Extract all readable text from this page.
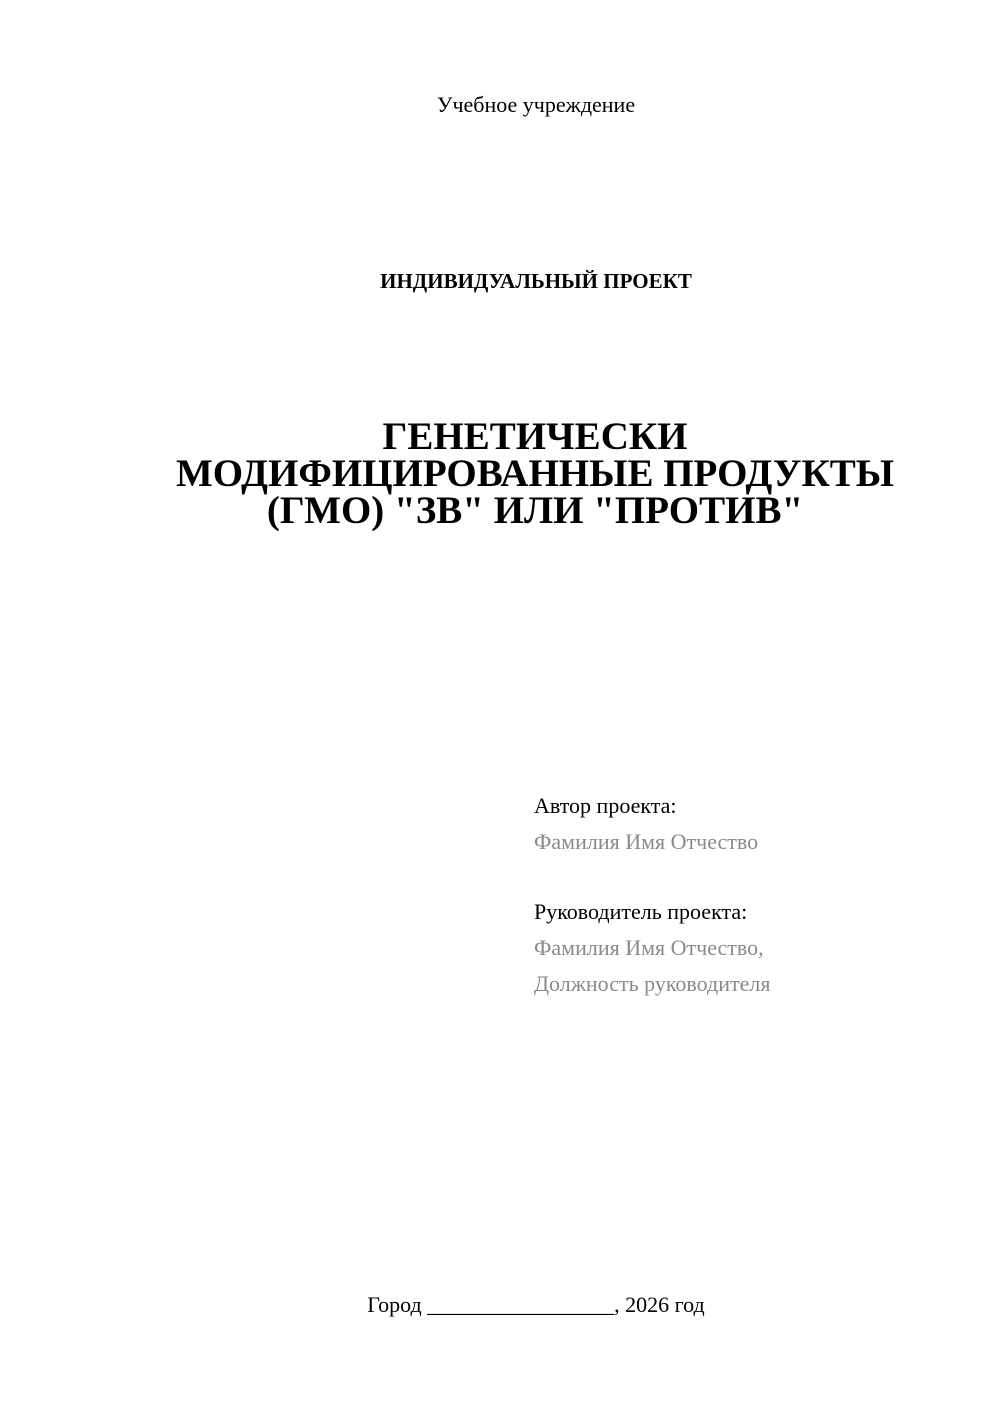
Учебное учреждение
ИНДИВИДУАЛЬНЫЙ ПРОЕКТ
ГЕНЕТИЧЕСКИ
МОДИФИЦИРОВАННЫЕ ПРОДУКТЫ
(ГМО) "ЗВ" ИЛИ "ПРОТИВ"
Автор проекта:
Фамилия Имя Отчество
Руководитель проекта:
Фамилия Имя Отчество,
Должность руководителя
Город _________________, 2026 год
